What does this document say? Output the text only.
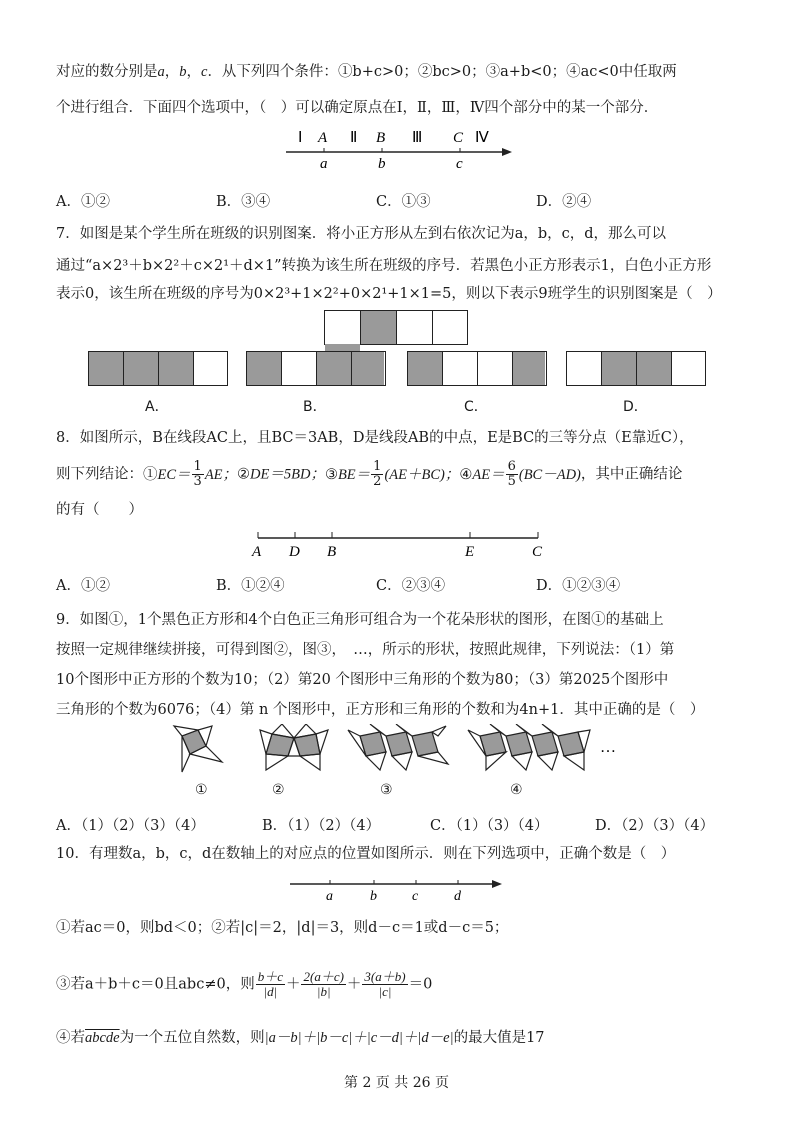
对应的数分别是a，b，c．从下列四个条件：①b+c>0；②bc>0；③a+b<0；④ac<0中任取两
个进行组合．下面四个选项中，（　）可以确定原点在Ⅰ，Ⅱ，Ⅲ，Ⅳ四个部分中的某一个部分．
Ⅰ A Ⅱ B Ⅲ C Ⅳ
a	b	c
A．①②	B．③④	C．①③	D．②④
7．如图是某个学生所在班级的识别图案．将小正方形从左到右依次记为a，b，c，d，那么可以
通过“a×2³＋b×2²＋c×2¹＋d×1”转换为该生所在班级的序号．若黑色小正方形表示1，白色小正方形
表示0，该生所在班级的序号为0×2³+1×2²+0×2¹+1×1=5，则以下表示9班学生的识别图案是（　）
A．	B．	C．	D．
8．如图所示，B在线段AC上，且BC＝3AB，D是线段AB的中点，E是BC的三等分点（E靠近C），
则下列结论：①EC＝ $\frac{1}{3}$ AE；②DE＝5BD；③BE＝ $\frac{1}{2} (AE+BC)$；④AE＝ $\frac{6}{5} (BC-AD)$，其中正确结论
的有（　　）
A D B	E	C
A．①②	B．①②④	C．②③④	D．①②③④
9．如图①，1个黑色正方形和4个白色正三角形可组合为一个花朵形状的图形，在图①的基础上
按照一定规律继续拼接，可得到图②，图③，　…，所示的形状，按照此规律，下列说法：（1）第
10个图形中正方形的个数为10；（2）第20 个图形中三角形的个数为80；（3）第2025个图形中
三角形的个数为6076；（4）第 n 个图形中，正方形和三角形的个数和为4n+1．其中正确的是（　）
…
①	②	③	④
A．（1）（2）（3）（4）	B．（1）（2）（4）	C．（1）（3）（4）	D．（2）（3）（4）
10．有理数a，b，c，d在数轴上的对应点的位置如图所示．则在下列选项中，正确个数是（　）
a	b	c	d
①若ac＝0，则bd＜0；②若|c|＝2，|d|＝3，则d－c＝1或d－c＝5；
③若a＋b＋c＝0且abc≠0，则 $\frac{b+c}{|d|} + \frac{2(a+c)}{|b|} + \frac{3(a+b)}{|c|} =0$
④若abcde为一个五位自然数，则|a－b|＋|b－c|＋|c－d|＋|d－e|的最大值是17
第 2 页 共 26 页
